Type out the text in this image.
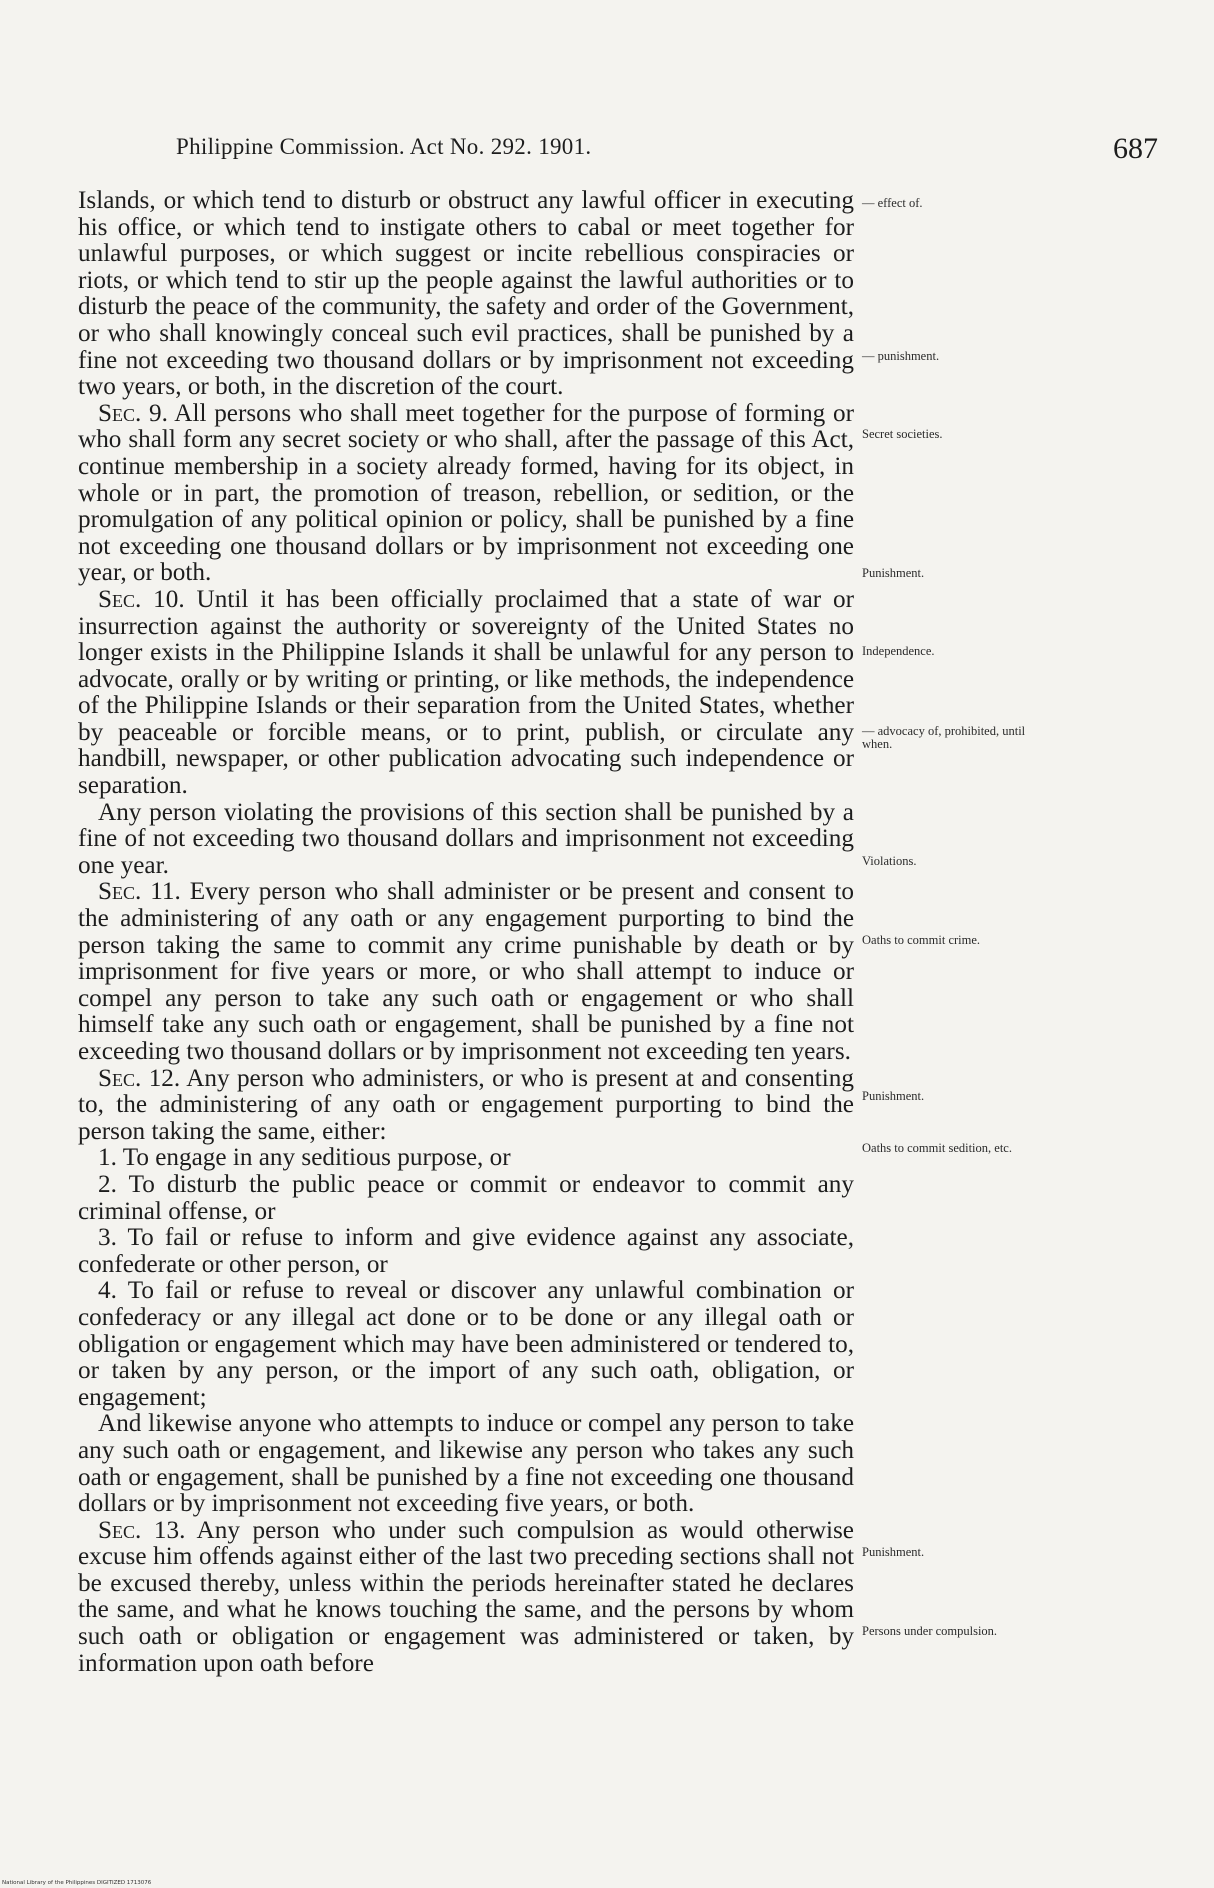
Philippine Commission. Act No. 292. 1901.	687

Islands, or which tend to disturb or obstruct any lawful officer in executing his office, or which tend to instigate others to cabal or meet together for unlawful purposes, or which suggest or incite rebellious conspiracies or riots, or which tend to stir up the people against the lawful authorities or to disturb the peace of the community, the safety and order of the Government, or who shall knowingly conceal such evil practices, shall be punished by a fine not exceeding two thousand dollars or by imprisonment not exceeding two years, or both, in the discretion of the court.

Sec. 9. All persons who shall meet together for the purpose of forming or who shall form any secret society or who shall, after the passage of this Act, continue membership in a society already formed, having for its object, in whole or in part, the promotion of treason, rebellion, or sedition, or the promulgation of any political opinion or policy, shall be punished by a fine not exceeding one thousand dollars or by imprisonment not exceeding one year, or both.

Sec. 10. Until it has been officially proclaimed that a state of war or insurrection against the authority or sovereignty of the United States no longer exists in the Philippine Islands it shall be unlawful for any person to advocate, orally or by writing or printing, or like methods, the independence of the Philippine Islands or their separation from the United States, whether by peaceable or forcible means, or to print, publish, or circulate any handbill, newspaper, or other publication advocating such independence or separation.

Any person violating the provisions of this section shall be punished by a fine of not exceeding two thousand dollars and imprisonment not exceeding one year.

Sec. 11. Every person who shall administer or be present and consent to the administering of any oath or any engagement purporting to bind the person taking the same to commit any crime punishable by death or by imprisonment for five years or more, or who shall attempt to induce or compel any person to take any such oath or engagement or who shall himself take any such oath or engagement, shall be punished by a fine not exceeding two thousand dollars or by imprisonment not exceeding ten years.

Sec. 12. Any person who administers, or who is present at and consenting to, the administering of any oath or engagement purporting to bind the person taking the same, either:

1. To engage in any seditious purpose, or

2. To disturb the public peace or commit or endeavor to commit any criminal offense, or

3. To fail or refuse to inform and give evidence against any associate, confederate or other person, or

4. To fail or refuse to reveal or discover any unlawful combination or confederacy or any illegal act done or to be done or any illegal oath or obligation or engagement which may have been administered or tendered to, or taken by any person, or the import of any such oath, obligation, or engagement;

And likewise anyone who attempts to induce or compel any person to take any such oath or engagement, and likewise any person who takes any such oath or engagement, shall be punished by a fine not exceeding one thousand dollars or by imprisonment not exceeding five years, or both.

Sec. 13. Any person who under such compulsion as would otherwise excuse him offends against either of the last two preceding sections shall not be excused thereby, unless within the periods hereinafter stated he declares the same, and what he knows touching the same, and the persons by whom such oath or obligation or engagement was administered or taken, by information upon oath before

— effect of.
— punishment.
Secret societies.
Punishment.
Independence.
— advocacy of, prohibited, until when.
Violations.
Oaths to commit crime.
Punishment.
Oaths to commit sedition, etc.
Punishment.
Persons under compulsion.
National Library of the Philippines DIGITIZED 1713076
